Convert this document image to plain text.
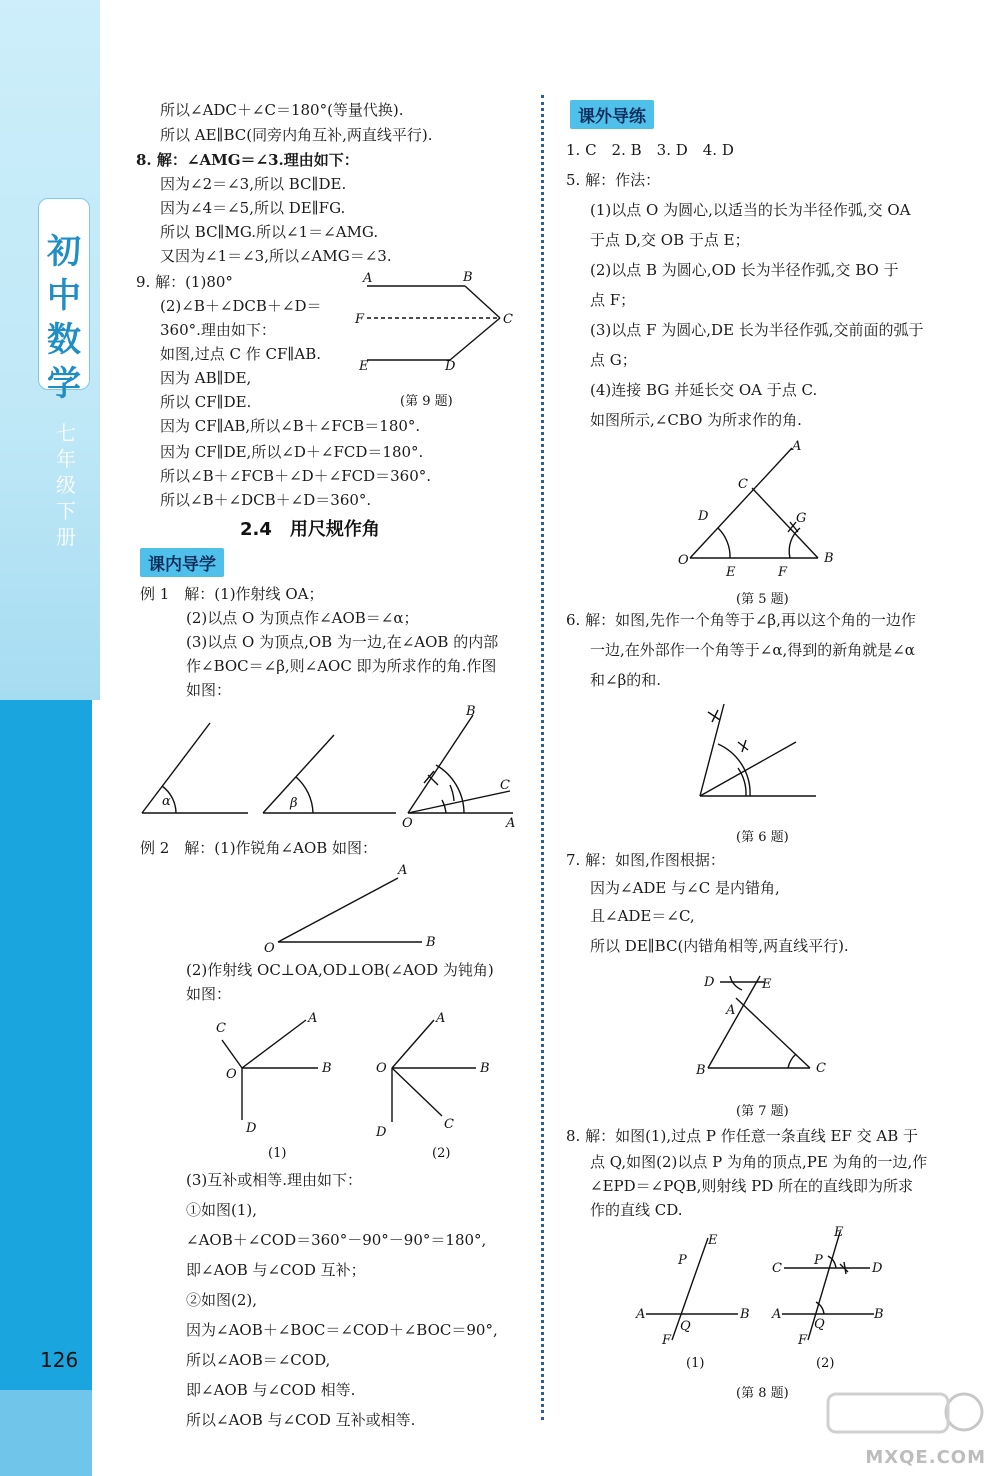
初
中
数
学
七
年
级
下
册
126
所以∠ADC＋∠C＝180°(等量代换).
所以 AE∥BC(同旁内角互补,两直线平行).
8. 解：∠AMG＝∠3.理由如下：
因为∠2＝∠3,所以 BC∥DE.
因为∠4＝∠5,所以 DE∥FG.
所以 BC∥MG.所以∠1＝∠AMG.
又因为∠1＝∠3,所以∠AMG＝∠3.
9. 解：(1)80°
(2)∠B＋∠DCB＋∠D＝
360°.理由如下：
如图,过点 C 作 CF∥AB.
因为 AB∥DE,
所以 CF∥DE.
因为 CF∥AB,所以∠B＋∠FCB＝180°.
因为 CF∥DE,所以∠D＋∠FCD＝180°.
所以∠B＋∠FCB＋∠D＋∠FCD＝360°.
所以∠B＋∠DCB＋∠D＝360°.
A	B
C
F
E	D
(第 9 题)
2.4　用尺规作角
课内导学
例 1　解：(1)作射线 OA；
(2)以点 O 为顶点作∠AOB＝∠α；
(3)以点 O 为顶点,OB 为一边,在∠AOB 的内部
作∠BOC＝∠β,则∠AOC 即为所求作的角.作图
如图：
α	β
O	A
B
C
例 2　解：(1)作锐角∠AOB 如图：
O	B
A
(2)作射线 OC⊥OA,OD⊥OB(∠AOD 为钝角)
如图：
O	B
A
C
D
O	B
A
D
C
(1)	(2)
(3)互补或相等.理由如下：
①如图(1),
∠AOB＋∠COD＝360°－90°－90°＝180°,
即∠AOB 与∠COD 互补；
②如图(2),
因为∠AOB＋∠BOC＝∠COD＋∠BOC＝90°,
所以∠AOB＝∠COD,
即∠AOB 与∠COD 相等.
所以∠AOB 与∠COD 互补或相等.
课外导练
1. C　2. B　3. D　4. D
5. 解：作法：
(1)以点 O 为圆心,以适当的长为半径作弧,交 OA
于点 D,交 OB 于点 E；
(2)以点 B 为圆心,OD 长为半径作弧,交 BO 于
点 F；
(3)以点 F 为圆心,DE 长为半径作弧,交前面的弧于
点 G；
(4)连接 BG 并延长交 OA 于点 C.
如图所示,∠CBO 为所求作的角.
O	B
A
C
D	G
E	F
(第 5 题)
6. 解：如图,先作一个角等于∠β,再以这个角的一边作
一边,在外部作一个角等于∠α,得到的新角就是∠α
和∠β的和.
(第 6 题)
7. 解：如图,作图根据：
因为∠ADE 与∠C 是内错角,
且∠ADE＝∠C,
所以 DE∥BC(内错角相等,两直线平行).
B	C
A
D	E
(第 7 题)
8. 解：如图(1),过点 P 作任意一条直线 EF 交 AB 于
点 Q,如图(2)以点 P 为角的顶点,PE 为角的一边,作
∠EPD＝∠PQB,则射线 PD 所在的直线即为所求
作的直线 CD.
A	B
P
E
Q
F
C	D
A	B
P
E
Q
F
(1)	(2)
(第 8 题)
MXQE.COM
